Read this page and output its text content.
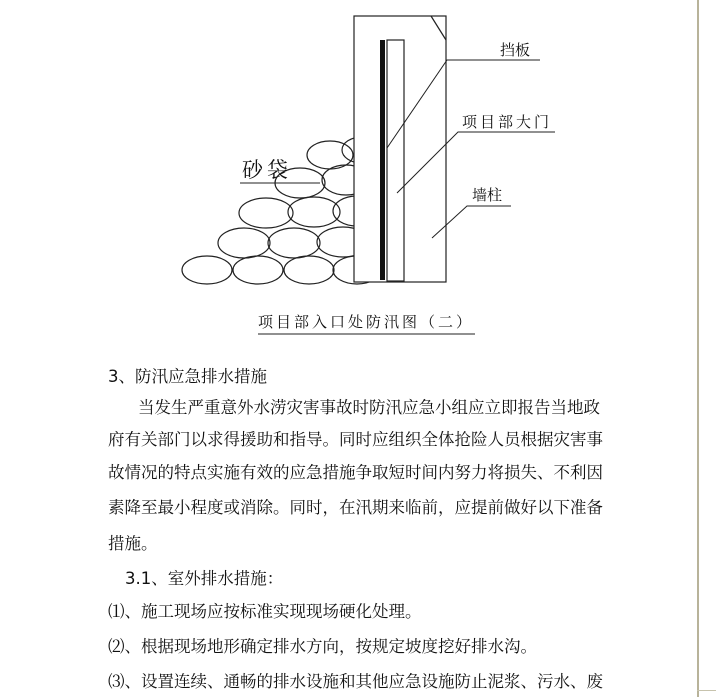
挡板
项目部大门
墙柱
砂袋
项目部入口处防汛图（二）
3、防汛应急排水措施
当发生严重意外水涝灾害事故时防汛应急小组应立即报告当地政
府有关部门以求得援助和指导。同时应组织全体抢险人员根据灾害事
故情况的特点实施有效的应急措施争取短时间内努力将损失、不利因
素降至最小程度或消除。同时，在汛期来临前，应提前做好以下准备
措施。
3.1、室外排水措施：
⑴、施工现场应按标准实现现场硬化处理。
⑵、根据现场地形确定排水方向，按规定坡度挖好排水沟。
⑶、设置连续、通畅的排水设施和其他应急设施防止泥浆、污水、废
